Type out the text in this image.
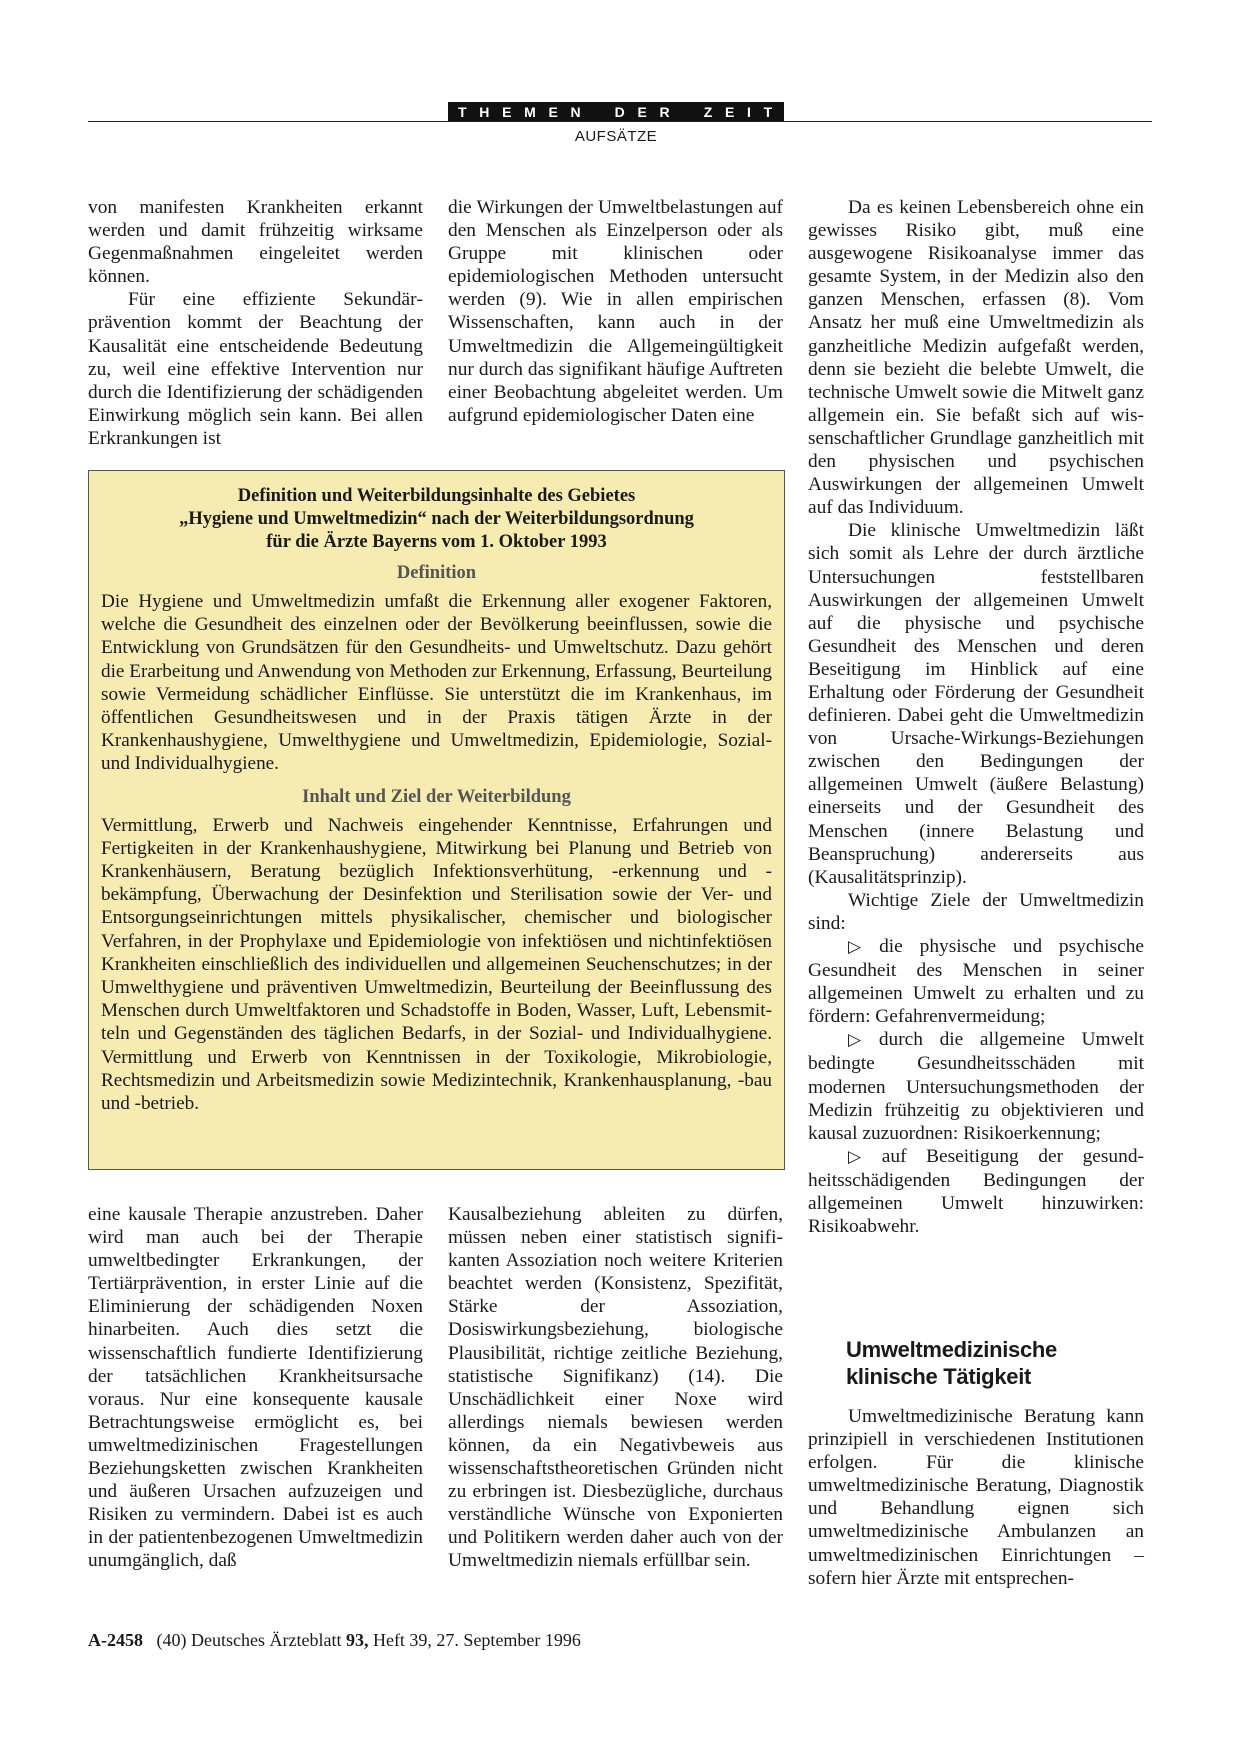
T H E M E N D E R Z E I T
AUFSÄTZE

von manifesten Krankheiten erkannt werden und damit frühzeitig wirksame Gegenmaßnahmen eingeleitet werden können.

Für eine effiziente Sekundärprävention kommt der Beachtung der Kausalität eine entscheidende Bedeutung zu, weil eine effektive Intervention nur durch die Identifizierung der schädigenden Einwirkung möglich sein kann. Bei allen Erkrankungen ist

die Wirkungen der Umweltbelastungen auf den Menschen als Einzelperson oder als Gruppe mit klinischen oder epidemiologischen Methoden untersucht werden (9). Wie in allen empirischen Wissenschaften, kann auch in der Umweltmedizin die Allgemeingültigkeit nur durch das signifikant häufige Auftreten einer Beobachtung abgeleitet werden. Um aufgrund epidemiologischer Daten eine

Definition und Weiterbildungsinhalte des Gebietes
„Hygiene und Umweltmedizin“ nach der Weiterbildungsordnung
für die Ärzte Bayerns vom 1. Oktober 1993
Definition

Die Hygiene und Umweltmedizin umfaßt die Erkennung aller exogener Faktoren, welche die Gesundheit des einzelnen oder der Bevölkerung beeinflussen, sowie die Entwicklung von Grundsätzen für den Gesundheits- und Umweltschutz. Dazu gehört die Erarbeitung und Anwendung von Methoden zur Erkennung, Erfassung, Beurteilung sowie Vermeidung schädlicher Einflüsse. Sie unterstützt die im Krankenhaus, im öffentlichen Gesundheitswesen und in der Praxis tätigen Ärzte in der Krankenhaushygiene, Umwelthygiene und Umweltmedizin, Epidemiologie, Sozial- und Individualhygiene.

Inhalt und Ziel der Weiterbildung

Vermittlung, Erwerb und Nachweis eingehender Kenntnisse, Erfahrungen und Fertigkeiten in der Krankenhaushygiene, Mitwirkung bei Planung und Betrieb von Krankenhäusern, Beratung bezüglich Infektionsverhütung, -erkennung und -bekämpfung, Überwachung der Desinfektion und Sterilisation sowie der Ver- und Entsorgungseinrichtungen mittels physikalischer, chemischer und biologischer Verfahren, in der Prophylaxe und Epidemiologie von infektiösen und nichtinfektiösen Krankheiten einschließlich des individuellen und allgemeinen Seuchenschutzes; in der Umwelthygiene und präventiven Umweltmedizin, Beurteilung der Beeinflussung des Menschen durch Umweltfaktoren und Schadstoffe in Boden, Wasser, Luft, Lebensmitteln und Gegenständen des täglichen Bedarfs, in der Sozial- und Individualhygiene. Vermittlung und Erwerb von Kenntnissen in der Toxikologie, Mikrobiologie, Rechtsmedizin und Arbeitsmedizin sowie Medizintechnik, Krankenhausplanung, -bau und -betrieb.

eine kausale Therapie anzustreben. Daher wird man auch bei der Therapie umweltbedingter Erkrankungen, der Tertiärprävention, in erster Linie auf die Eliminierung der schädigenden Noxen hinarbeiten. Auch dies setzt die wissenschaftlich fundierte Identifizierung der tatsächlichen Krankheitsursache voraus. Nur eine konsequente kausale Betrachtungsweise ermöglicht es, bei umweltmedizinischen Fragestellungen Beziehungsketten zwischen Krankheiten und äußeren Ursachen aufzuzeigen und Risiken zu vermindern. Dabei ist es auch in der patientenbezogenen Umweltmedizin unumgänglich, daß

Kausalbeziehung ableiten zu dürfen, müssen neben einer statistisch signifikanten Assoziation noch weitere Kriterien beachtet werden (Konsistenz, Spezifität, Stärke der Assoziation, Dosiswirkungsbeziehung, biologische Plausibilität, richtige zeitliche Beziehung, statistische Signifikanz) (14). Die Unschädlichkeit einer Noxe wird allerdings niemals bewiesen werden können, da ein Negativbeweis aus wissenschaftstheoretischen Gründen nicht zu erbringen ist. Diesbezügliche, durchaus verständliche Wünsche von Exponierten und Politikern werden daher auch von der Umweltmedizin niemals erfüllbar sein.

Da es keinen Lebensbereich ohne ein gewisses Risiko gibt, muß eine ausgewogene Risikoanalyse immer das gesamte System, in der Medizin also den ganzen Menschen, erfassen (8). Vom Ansatz her muß eine Umweltmedizin als ganzheitliche Medizin aufgefaßt werden, denn sie bezieht die belebte Umwelt, die technische Umwelt sowie die Mitwelt ganz allgemein ein. Sie befaßt sich auf wissenschaftlicher Grundlage ganzheitlich mit den physischen und psychischen Auswirkungen der allgemeinen Umwelt auf das Individuum.

Die klinische Umweltmedizin läßt sich somit als Lehre der durch ärztliche Untersuchungen feststellbaren Auswirkungen der allgemeinen Umwelt auf die physische und psychische Gesundheit des Menschen und deren Beseitigung im Hinblick auf eine Erhaltung oder Förderung der Gesundheit definieren. Dabei geht die Umweltmedizin von Ursache-Wirkungs-Beziehungen zwischen den Bedingungen der allgemeinen Umwelt (äußere Belastung) einerseits und der Gesundheit des Menschen (innere Belastung und Beanspruchung) andererseits aus (Kausalitätsprinzip).

Wichtige Ziele der Umweltmedizin sind:

▷ die physische und psychische Gesundheit des Menschen in seiner allgemeinen Umwelt zu erhalten und zu fördern: Gefahrenvermeidung;

▷ durch die allgemeine Umwelt bedingte Gesundheitsschäden mit modernen Untersuchungsmethoden der Medizin frühzeitig zu objektivieren und kausal zuzuordnen: Risikoerkennung;

▷ auf Beseitigung der gesundheitsschädigenden Bedingungen der allgemeinen Umwelt hinzuwirken: Risikoabwehr.

Umweltmedizinische
klinische Tätigkeit

Umweltmedizinische Beratung kann prinzipiell in verschiedenen Institutionen erfolgen. Für die klinische umweltmedizinische Beratung, Diagnostik und Behandlung eignen sich umweltmedizinische Ambulanzen an umweltmedizinischen Einrichtungen – sofern hier Ärzte mit entsprechen-

A-2458 (40) Deutsches Ärzteblatt 93, Heft 39, 27. September 1996
